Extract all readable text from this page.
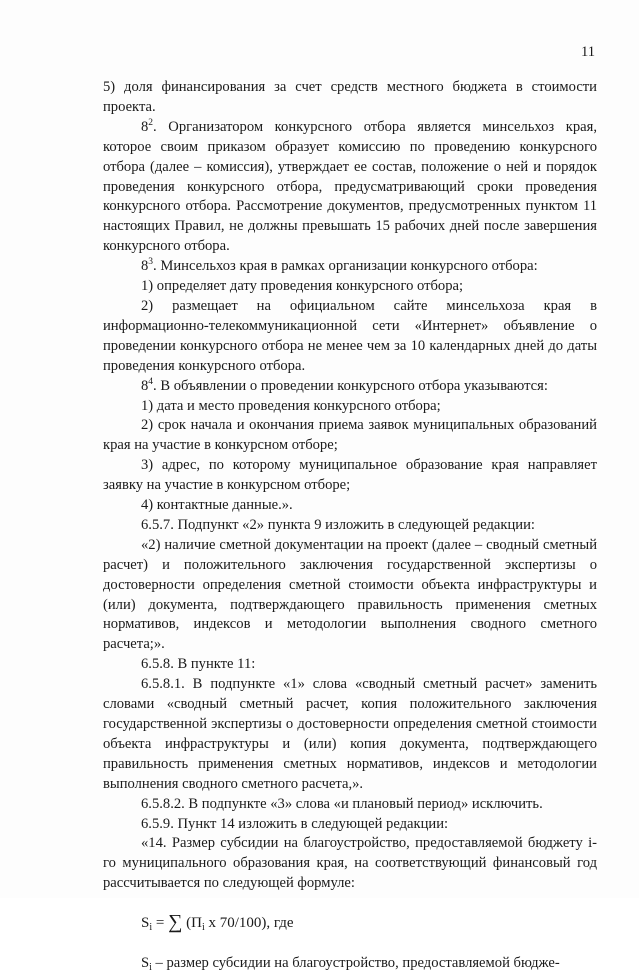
11

5) доля финансирования за счет средств местного бюджета в стоимости проекта.

$8^2$. Организатором конкурсного отбора является минсельхоз края, которое своим приказом образует комиссию по проведению конкурсного отбора (далее – комиссия), утверждает ее состав, положение о ней и порядок проведения конкурсного отбора, предусматривающий сроки проведения конкурсного отбора. Рассмотрение документов, предусмотренных пунктом 11 настоящих Правил, не должны превышать 15 рабочих дней после завершения конкурсного отбора.

$8^3$. Минсельхоз края в рамках организации конкурсного отбора:

1) определяет дату проведения конкурсного отбора;

2) размещает на официальном сайте минсельхоза края в информационно-телекоммуникационной сети «Интернет» объявление о проведении конкурсного отбора не менее чем за 10 календарных дней до даты проведения конкурсного отбора.

$8^4$. В объявлении о проведении конкурсного отбора указываются:

1) дата и место проведения конкурсного отбора;

2) срок начала и окончания приема заявок муниципальных образований края на участие в конкурсном отборе;

3) адрес, по которому муниципальное образование края направляет заявку на участие в конкурсном отборе;

4) контактные данные.».

6.5.7. Подпункт «2» пункта 9 изложить в следующей редакции:

«2) наличие сметной документации на проект (далее – сводный сметный расчет) и положительного заключения государственной экспертизы о достоверности определения сметной стоимости объекта инфраструктуры и (или) документа, подтверждающего правильность применения сметных нормативов, индексов и методологии выполнения сводного сметного расчета;».

6.5.8. В пункте 11:

6.5.8.1. В подпункте «1» слова «сводный сметный расчет» заменить словами «сводный сметный расчет, копия положительного заключения государственной экспертизы о достоверности определения сметной стоимости объекта инфраструктуры и (или) копия документа, подтверждающего правильность применения сметных нормативов, индексов и методологии выполнения сводного сметного расчета,».

6.5.8.2. В подпункте «3» слова «и плановый период» исключить.

6.5.9. Пункт 14 изложить в следующей редакции:

«14. Размер субсидии на благоустройство, предоставляемой бюджету i-го муниципального образования края, на соответствующий финансовый год рассчитывается по следующей формуле:

$S_i$ = ∑ ($П_i$ x 70/100), где

$S_i$ – размер субсидии на благоустройство, предоставляемой бюдже-
